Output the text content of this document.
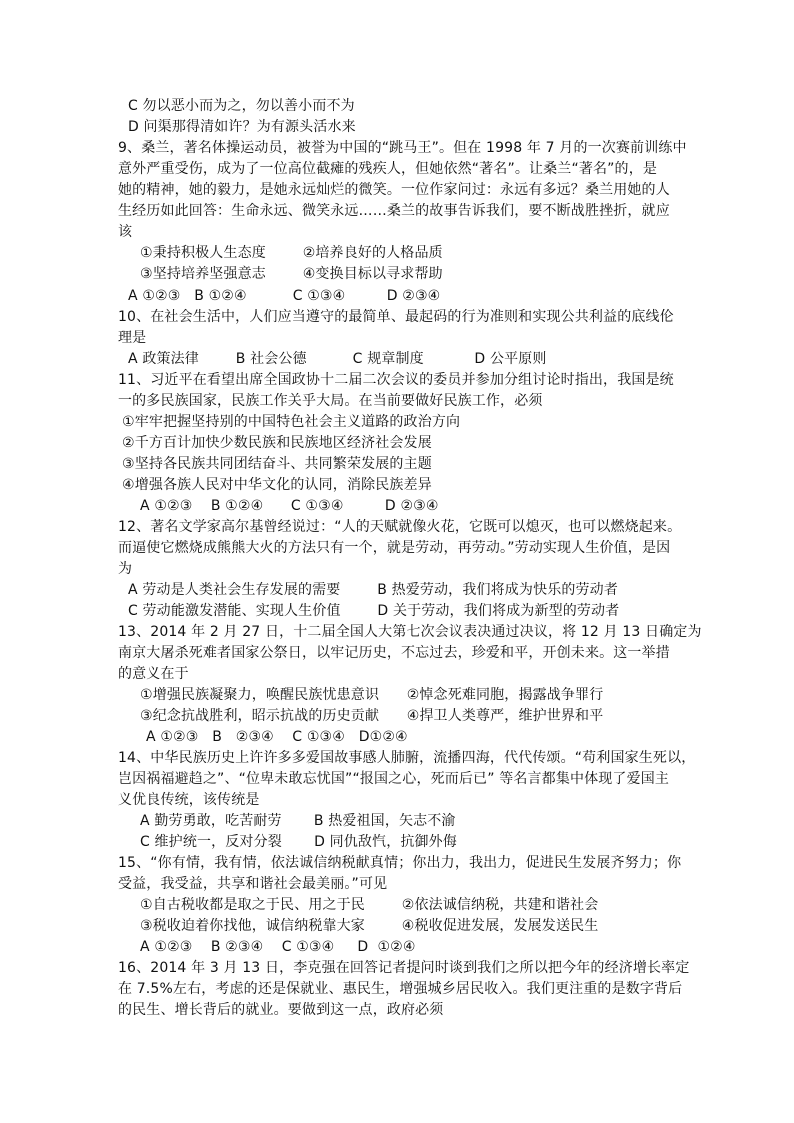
C 勿以恶小而为之，勿以善小而不为
D 问渠那得清如许？为有源头活水来
9、桑兰，著名体操运动员，被誉为中国的“跳马王”。但在 1998 年 7 月的一次赛前训练中
意外严重受伤，成为了一位高位截瘫的残疾人，但她依然“著名”。让桑兰“著名”的，是
她的精神，她的毅力，是她永远灿烂的微笑。一位作家问过：永远有多远？桑兰用她的人
生经历如此回答：生命永远、微笑永远……桑兰的故事告诉我们，要不断战胜挫折，就应
该
①秉持积极人生态度        ②培养良好的人格品质
③坚持培养坚强意志        ④变换目标以寻求帮助
A ①②③   B ①②④          C ①③④         D ②③④
10、在社会生活中，人们应当遵守的最简单、最起码的行为准则和实现公共利益的底线伦
理是
A 政策法律        B 社会公德          C 规章制度           D 公平原则
11、习近平在看望出席全国政协十二届二次会议的委员并参加分组讨论时指出，我国是统
一的多民族国家，民族工作关乎大局。在当前要做好民族工作，必须
①牢牢把握坚持别的中国特色社会主义道路的政治方向
②千方百计加快少数民族和民族地区经济社会发展
③坚持各民族共同团结奋斗、共同繁荣发展的主题
④增强各族人民对中华文化的认同，消除民族差异
A ①②③    B ①②④      C ①③④         D ②③④
12、著名文学家高尔基曾经说过：“人的天赋就像火花，它既可以熄灭，也可以燃烧起来。
而逼使它燃烧成熊熊大火的方法只有一个，就是劳动，再劳动。”劳动实现人生价值，是因
为
A 劳动是人类社会生存发展的需要        B 热爱劳动，我们将成为快乐的劳动者
C 劳动能激发潜能、实现人生价值        D 关于劳动，我们将成为新型的劳动者
13、2014 年 2 月 27 日，十二届全国人大第七次会议表决通过决议，将 12 月 13 日确定为
南京大屠杀死难者国家公祭日，以牢记历史，不忘过去，珍爱和平，开创未来。这一举措
的意义在于
①增强民族凝聚力，唤醒民族忧患意识      ②悼念死难同胞，揭露战争罪行
③纪念抗战胜利，昭示抗战的历史贡献      ④捍卫人类尊严，维护世界和平
A ①②③   B   ②③④    C ①③④   D①②④
14、中华民族历史上许许多多爱国故事感人肺腑，流播四海，代代传颂。“苟利国家生死以，
岂因祸福避趋之”、“位卑未敢忘忧国”“报国之心，死而后已” 等名言都集中体现了爱国主
义优良传统，该传统是
A 勤劳勇敢，吃苦耐劳       B 热爱祖国，矢志不渝
C 维护统一，反对分裂       D 同仇敌忾，抗御外侮
15、“你有情，我有情，依法诚信纳税献真情；你出力，我出力，促进民生发展齐努力；你
受益，我受益，共享和谐社会最美丽。”可见
①自古税收都是取之于民、用之于民        ②依法诚信纳税，共建和谐社会
③税收迫着你找他，诚信纳税靠大家        ④税收促进发展，发展发送民生
A ①②③    B ②③④    C ①③④     D  ①②④
16、2014 年 3 月 13 日，李克强在回答记者提问时谈到我们之所以把今年的经济增长率定
在 7.5%左右，考虑的还是保就业、惠民生，增强城乡居民收入。我们更注重的是数字背后
的民生、增长背后的就业。要做到这一点，政府必须
